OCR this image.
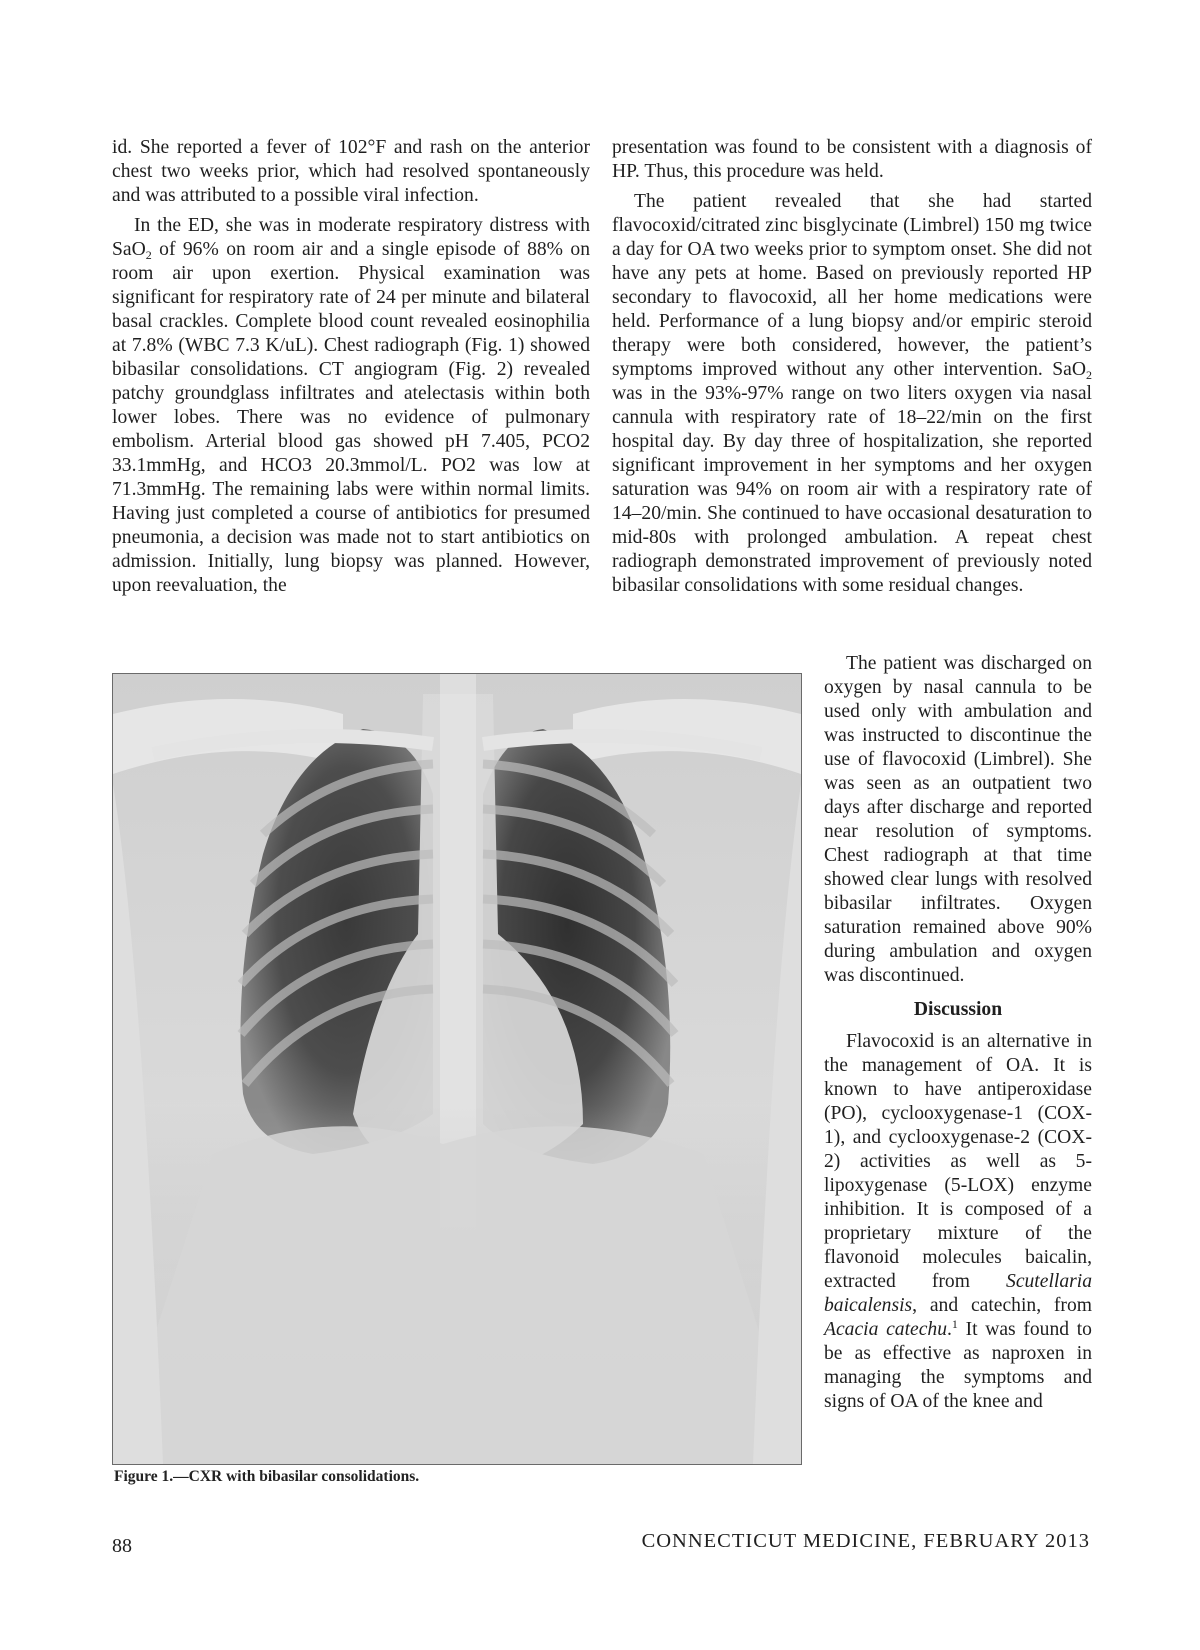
id. She reported a fever of 102°F and rash on the anterior chest two weeks prior, which had resolved spontaneously and was attributed to a possible viral infection.

In the ED, she was in moderate respiratory distress with SaO$_2$ of 96% on room air and a single episode of 88% on room air upon exertion. Physical examination was significant for respiratory rate of 24 per minute and bilateral basal crackles. Complete blood count revealed eosinophilia at 7.8% (WBC 7.3 K/uL). Chest radiograph (Fig. 1) showed bibasilar consolidations. CT angiogram (Fig. 2) revealed patchy groundglass infiltrates and atelectasis within both lower lobes. There was no evidence of pulmonary embolism. Arterial blood gas showed pH 7.405, PCO2 33.1mmHg, and HCO3 20.3mmol/L. PO2 was low at 71.3mmHg. The remaining labs were within normal limits. Having just completed a course of antibiotics for presumed pneumonia, a decision was made not to start antibiotics on admission. Initially, lung biopsy was planned. However, upon reevaluation, the

presentation was found to be consistent with a diagnosis of HP. Thus, this procedure was held.

The patient revealed that she had started flavocoxid/citrated zinc bisglycinate (Limbrel) 150 mg twice a day for OA two weeks prior to symptom onset. She did not have any pets at home. Based on previously reported HP secondary to flavocoxid, all her home medications were held. Performance of a lung biopsy and/or empiric steroid therapy were both considered, however, the patient’s symptoms improved without any other intervention. SaO$_2$ was in the 93%-97% range on two liters oxygen via nasal cannula with respiratory rate of 18–22/min on the first hospital day. By day three of hospitalization, she reported significant improvement in her symptoms and her oxygen saturation was 94% on room air with a respiratory rate of 14–20/min. She continued to have occasional desaturation to mid-80s with prolonged ambulation. A repeat chest radiograph demonstrated improvement of previously noted bibasilar consolidations with some residual changes.

The patient was discharged on oxygen by nasal cannula to be used only with ambulation and was instructed to discontinue the use of flavocoxid (Limbrel). She was seen as an outpatient two days after discharge and reported near resolution of symptoms. Chest radiograph at that time showed clear lungs with resolved bibasilar infiltrates. Oxygen saturation remained above 90% during ambulation and oxygen was discontinued.

Discussion

Flavocoxid is an alternative in the management of OA. It is known to have antiperoxidase (PO), cyclooxygenase-1 (COX-1), and cyclooxygenase-2 (COX-2) activities as well as 5-lipoxygenase (5-LOX) enzyme inhibition. It is composed of a proprietary mixture of the flavonoid molecules baicalin, extracted from Scutellaria baicalensis, and catechin, from Acacia catechu.$^1$ It was found to be as effective as naproxen in managing the symptoms and signs of OA of the knee and

Figure 1.—CXR with bibasilar consolidations.
88	CONNECTICUT MEDICINE, FEBRUARY 2013
